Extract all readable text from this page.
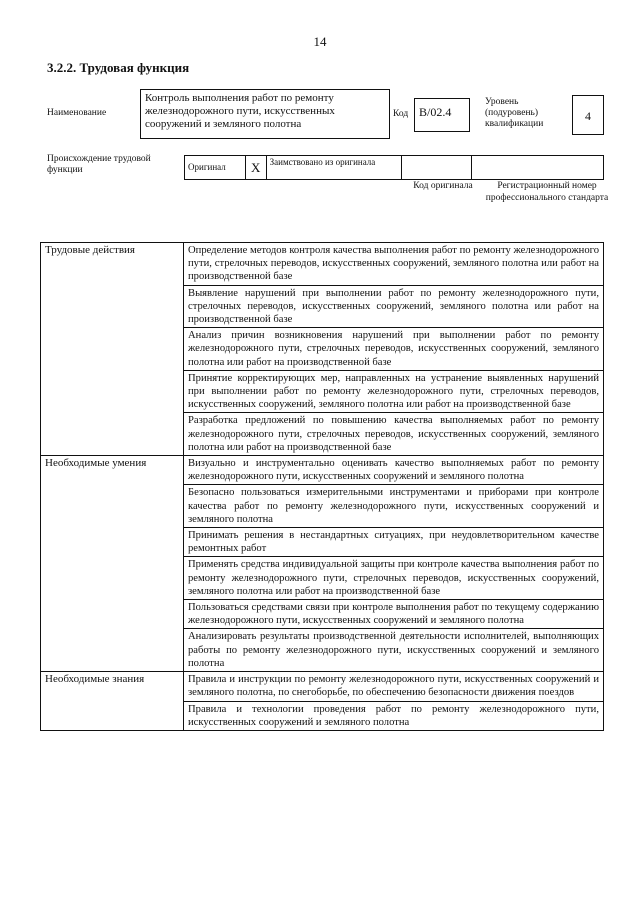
14
3.2.2. Трудовая функция
Наименование
Контроль выполнения работ по ремонту железнодорожного пути, искусственных сооружений и земляного полотна
Код B/02.4
Уровень (подуровень) квалификации
4
Происхождение трудовой функции	Оригинал	X	Заимствовано из оригинала
Код оригинала	Регистрационный номер профессионального стандарта
Трудовые действия	Определение методов контроля качества выполнения работ по ремонту железнодорожного пути, стрелочных переводов, искусственных сооружений, земляного полотна или работ на производственной базе
	Выявление нарушений при выполнении работ по ремонту железнодорожного пути, стрелочных переводов, искусственных сооружений, земляного полотна или работ на производственной базе
	Анализ причин возникновения нарушений при выполнении работ по ремонту железнодорожного пути, стрелочных переводов, искусственных сооружений, земляного полотна или работ на производственной базе
	Принятие корректирующих мер, направленных на устранение выявленных нарушений при выполнении работ по ремонту железнодорожного пути, стрелочных переводов, искусственных сооружений, земляного полотна или работ на производственной базе
	Разработка предложений по повышению качества выполняемых работ по ремонту железнодорожного пути, стрелочных переводов, искусственных сооружений, земляного полотна или работ на производственной базе
Необходимые умения	Визуально и инструментально оценивать качество выполняемых работ по ремонту железнодорожного пути, искусственных сооружений и земляного полотна
	Безопасно пользоваться измерительными инструментами и приборами при контроле качества работ по ремонту железнодорожного пути, искусственных сооружений и земляного полотна
	Принимать решения в нестандартных ситуациях, при неудовлетворительном качестве ремонтных работ
	Применять средства индивидуальной защиты при контроле качества выполнения работ по ремонту железнодорожного пути, стрелочных переводов, искусственных сооружений, земляного полотна или работ на производственной базе
	Пользоваться средствами связи при контроле выполнения работ по текущему содержанию железнодорожного пути, искусственных сооружений и земляного полотна
	Анализировать результаты производственной деятельности исполнителей, выполняющих работы по ремонту железнодорожного пути, искусственных сооружений и земляного полотна
Необходимые знания	Правила и инструкции по ремонту железнодорожного пути, искусственных сооружений и земляного полотна, по снегоборьбе, по обеспечению безопасности движения поездов
	Правила и технологии проведения работ по ремонту железнодорожного пути, искусственных сооружений и земляного полотна
